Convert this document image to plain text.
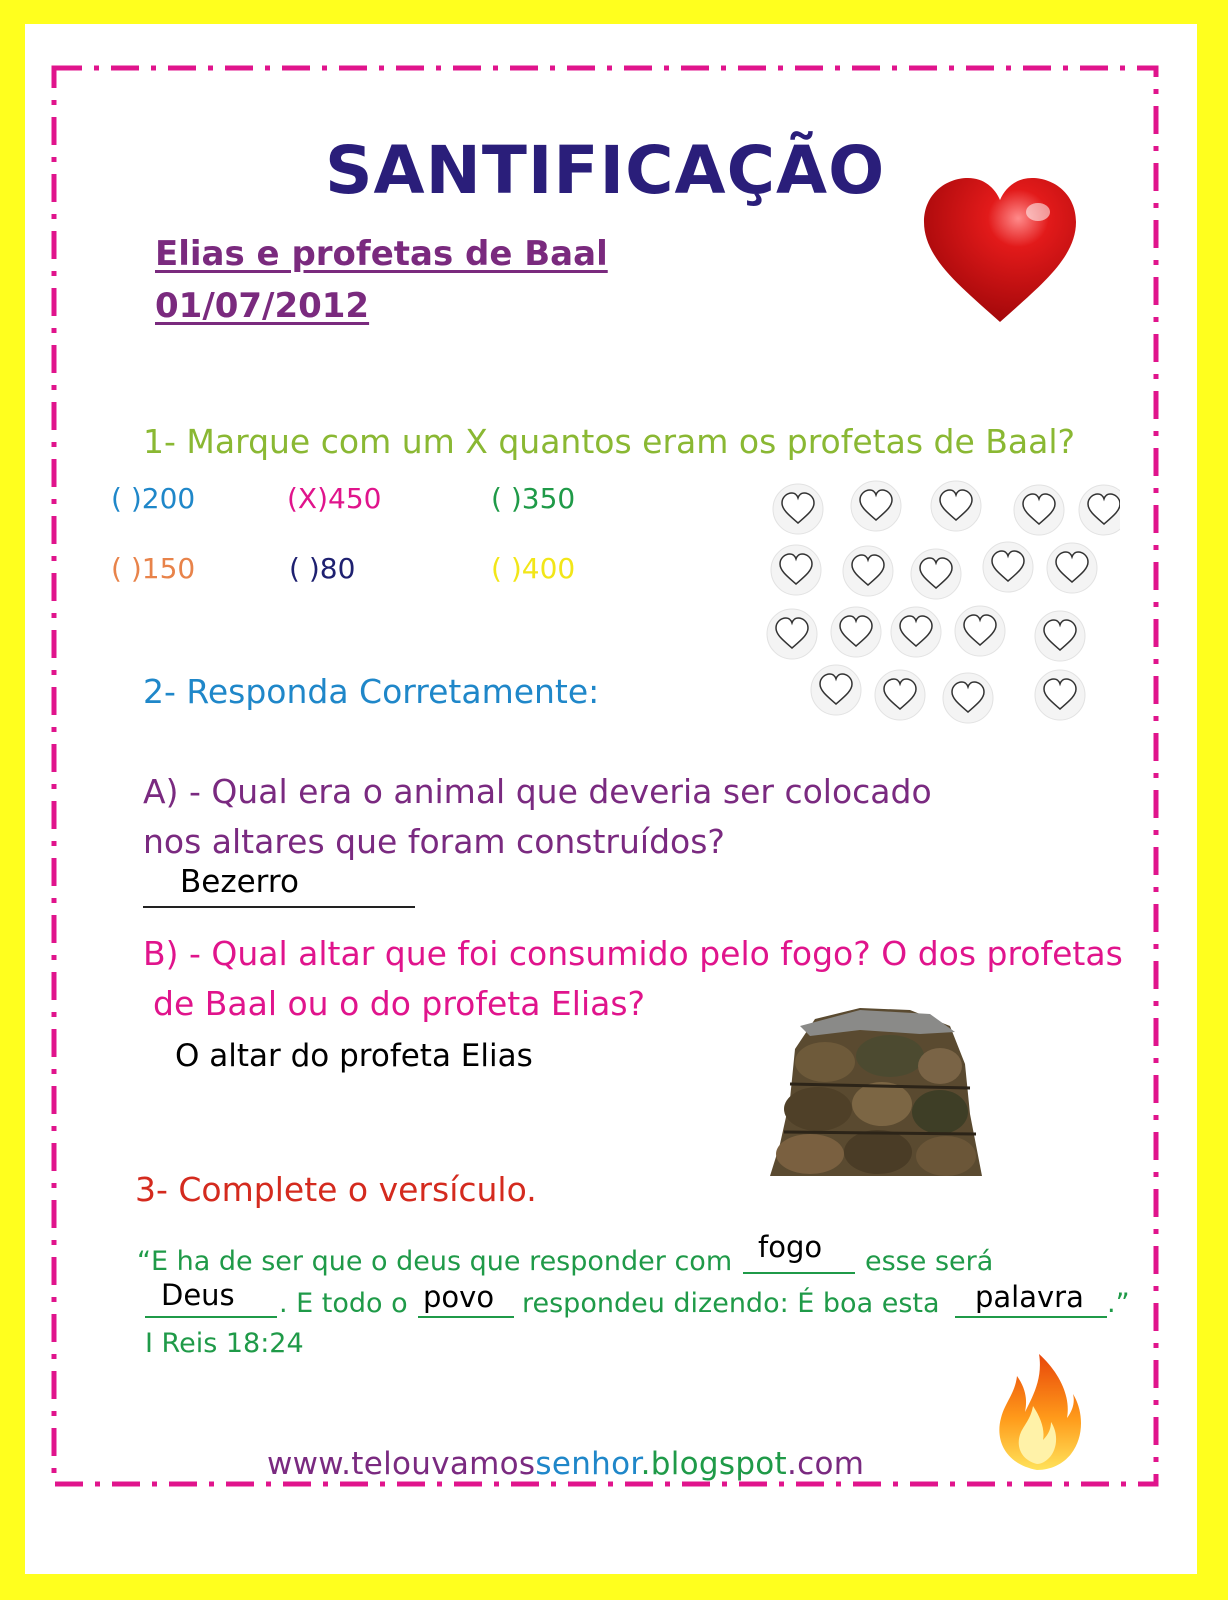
SANTIFICAÇÃO
Elias e profetas de Baal
01/07/2012
1- Marque com um X quantos eram os profetas de Baal?
( )200	(X)450	( )350
( )150	( )80	( )400
2- Responda Corretamente:
A) - Qual era o animal que deveria ser colocado
nos altares que foram construídos?
Bezerro
B) - Qual altar que foi consumido pelo fogo? O dos profetas
de Baal ou o do profeta Elias?
O altar do profeta Elias
3- Complete o versículo.
“E ha de ser que o deus que responder com fogo esse será
Deus . E todo o povo respondeu dizendo: É boa esta palavra .”
I Reis 18:24
www.telouvamossenhor.blogspot.com
